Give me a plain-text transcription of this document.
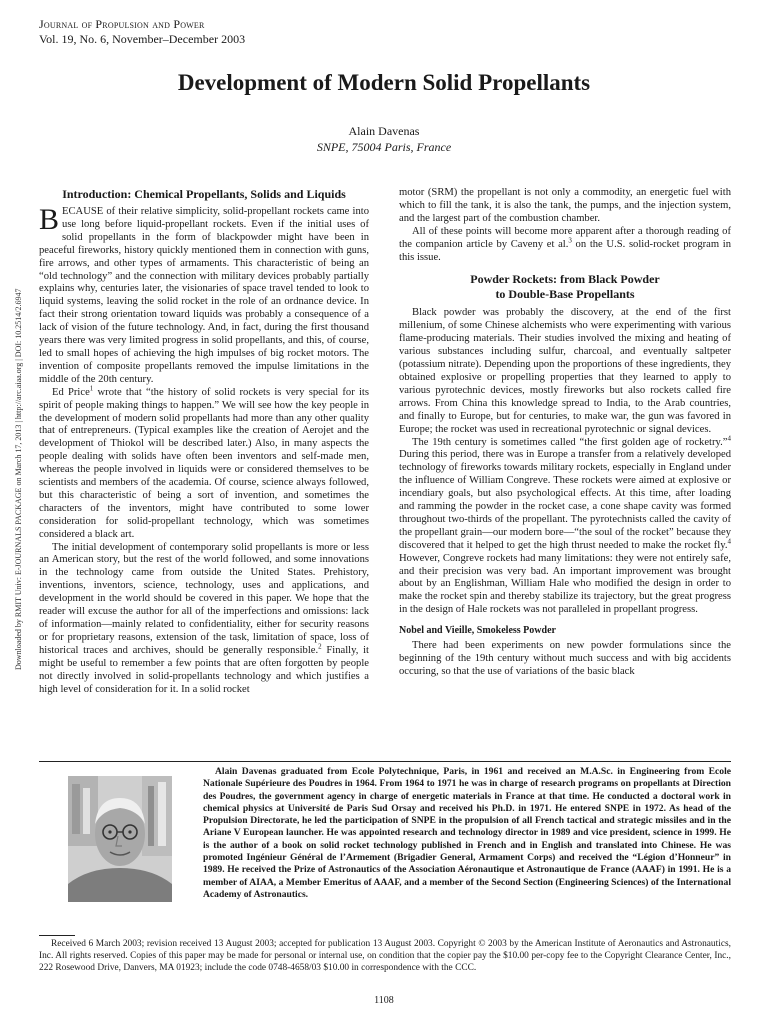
Journal of Propulsion and Power
Vol. 19, No. 6, November–December 2003
Development of Modern Solid Propellants
Alain Davenas
SNPE, 75004 Paris, France
Downloaded by RMIT Univ: E-JOURNALS PACKAGE on March 17, 2013 | http://arc.aiaa.org | DOI: 10.2514/2.6947
Introduction: Chemical Propellants, Solids and Liquids

BECAUSE of their relative simplicity, solid-propellant rockets came into use long before liquid-propellant rockets. Even if the initial uses of solid propellants in the form of blackpowder might have been in peaceful fireworks, history quickly mentioned them in connection with guns, fire arrows, and other types of armaments. This characteristic of being an “old technology” and the connection with military devices probably partially explains why, centuries later, the visionaries of space travel tended to look to liquid systems, leaving the solid rocket in the role of an ordnance device. In fact their strong orientation toward liquids was probably a consequence of a lack of vision of the future technology. And, in fact, during the first thousand years there was very limited progress in solid propellants, and this, of course, led to small hopes of achieving the high impulses of big rocket motors. The invention of composite propellants removed the impulse limitations in the middle of the 20th century.

Ed Price$^1$ wrote that “the history of solid rockets is very special for its spirit of people making things to happen.” We will see how the key people in the development of modern solid propellants had more than any other quality that of entrepreneurs. (Typical examples like the creation of Aerojet and the development of Thiokol will be described later.) Also, in many aspects the people dealing with solids have often been inventors and self-made men, whereas the people involved in liquids were or considered themselves to be scientists and members of the academia. Of course, science always followed, but this characteristic of being a sort of invention, and sometimes the characters of the inventors, might have contributed to some lower consideration for solid-propellant technology, which was sometimes considered a black art.

The initial development of contemporary solid propellants is more or less an American story, but the rest of the world followed, and some innovations in the technology came from outside the United States. Prehistory, inventions, inventors, science, technology, uses and applications, and development in the world should be covered in this paper. We hope that the reader will excuse the author for all of the imperfections and omissions: lack of information—mainly related to confidentiality, either for security reasons or for proprietary reasons, extension of the task, limitation of space, loss of historical traces and archives, should be generally responsible.$^2$ Finally, it might be useful to remember a few points that are often forgotten by people not directly involved in solid-propellants technology and which justifies a high level of consideration for it. In a solid rocket

motor (SRM) the propellant is not only a commodity, an energetic fuel with which to fill the tank, it is also the tank, the pumps, and the injection system, and the largest part of the combustion chamber.

All of these points will become more apparent after a thorough reading of the companion article by Caveny et al.$^3$ on the U.S. solid-rocket program in this issue.

Powder Rockets: from Black Powder
to Double-Base Propellants

Black powder was probably the discovery, at the end of the first millenium, of some Chinese alchemists who were experimenting with various flame-producing materials. Their studies involved the mixing and heating of various substances including sulfur, charcoal, and eventually saltpeter (potassium nitrate). Depending upon the proportions of these ingredients, they obtained explosive or propelling properties that they learned to apply to various pyrotechnic devices, mostly fireworks but also rockets called fire arrows. From China this knowledge spread to India, to the Arab countries, and finally to Europe, but for centuries, to make war, the gun was favored in Europe; the rocket was used in recreational pyrotechnic or signal devices.

The 19th century is sometimes called “the first golden age of rocketry.”$^4$ During this period, there was in Europe a transfer from a relatively developed technology of fireworks towards military rockets, especially in England under the influence of William Congreve. These rockets were aimed at explosive or incendiary goals, but also psychological effects. At this time, after loading and ramming the powder in the rocket case, a cone shape cavity was formed throughout two-thirds of the propellant. The pyrotechnists called the cavity of the propellant grain—our modern bore—“the soul of the rocket” because they discovered that it helped to get the high thrust needed to make the rocket fly.$^4$ However, Congreve rockets had many limitations: they were not entirely safe, and their precision was very bad. An important improvement was brought about by an Englishman, William Hale who modified the design in order to make the rocket spin and thereby stabilize its trajectory, but the great progress in the design of Hale rockets was not paralleled in propellant progress.

Nobel and Vieille, Smokeless Powder

There had been experiments on new powder formulations since the beginning of the 19th century without much success and with big accidents occuring, so that the use of variations of the basic black

Alain Davenas graduated from Ecole Polytechnique, Paris, in 1961 and received an M.A.Sc. in Engineering from Ecole Nationale Supérieure des Poudres in 1964. From 1964 to 1971 he was in charge of research programs on propellants at Direction des Poudres, the government agency in charge of energetic materials in France at that time. He conducted a doctoral work in chemical physics at Université de Paris Sud Orsay and received his Ph.D. in 1971. He entered SNPE in 1972. As head of the Propulsion Directorate, he led the participation of SNPE in the propulsion of all French tactical and strategic missiles and in the Ariane V European launcher. He was appointed research and technology director in 1989 and vice president, science in 1999. He is the author of a book on solid rocket technology published in French and in English and translated into Chinese. He was promoted Ingénieur Général de l’Armement (Brigadier General, Armament Corps) and received the “Légion d’Honneur” in 1989. He received the Prize of Astronautics of the Association Aéronautique et Astronautique de France (AAAF) in 1991. He is a member of AIAA, a Member Emeritus of AAAF, and a member of the Second Section (Engineering Sciences) of the International Academy of Astronautics.

Received 6 March 2003; revision received 13 August 2003; accepted for publication 13 August 2003. Copyright © 2003 by the American Institute of Aeronautics and Astronautics, Inc. All rights reserved. Copies of this paper may be made for personal or internal use, on condition that the copier pay the $10.00 per-copy fee to the Copyright Clearance Center, Inc., 222 Rosewood Drive, Danvers, MA 01923; include the code 0748-4658/03 $10.00 in correspondence with the CCC.

1108
